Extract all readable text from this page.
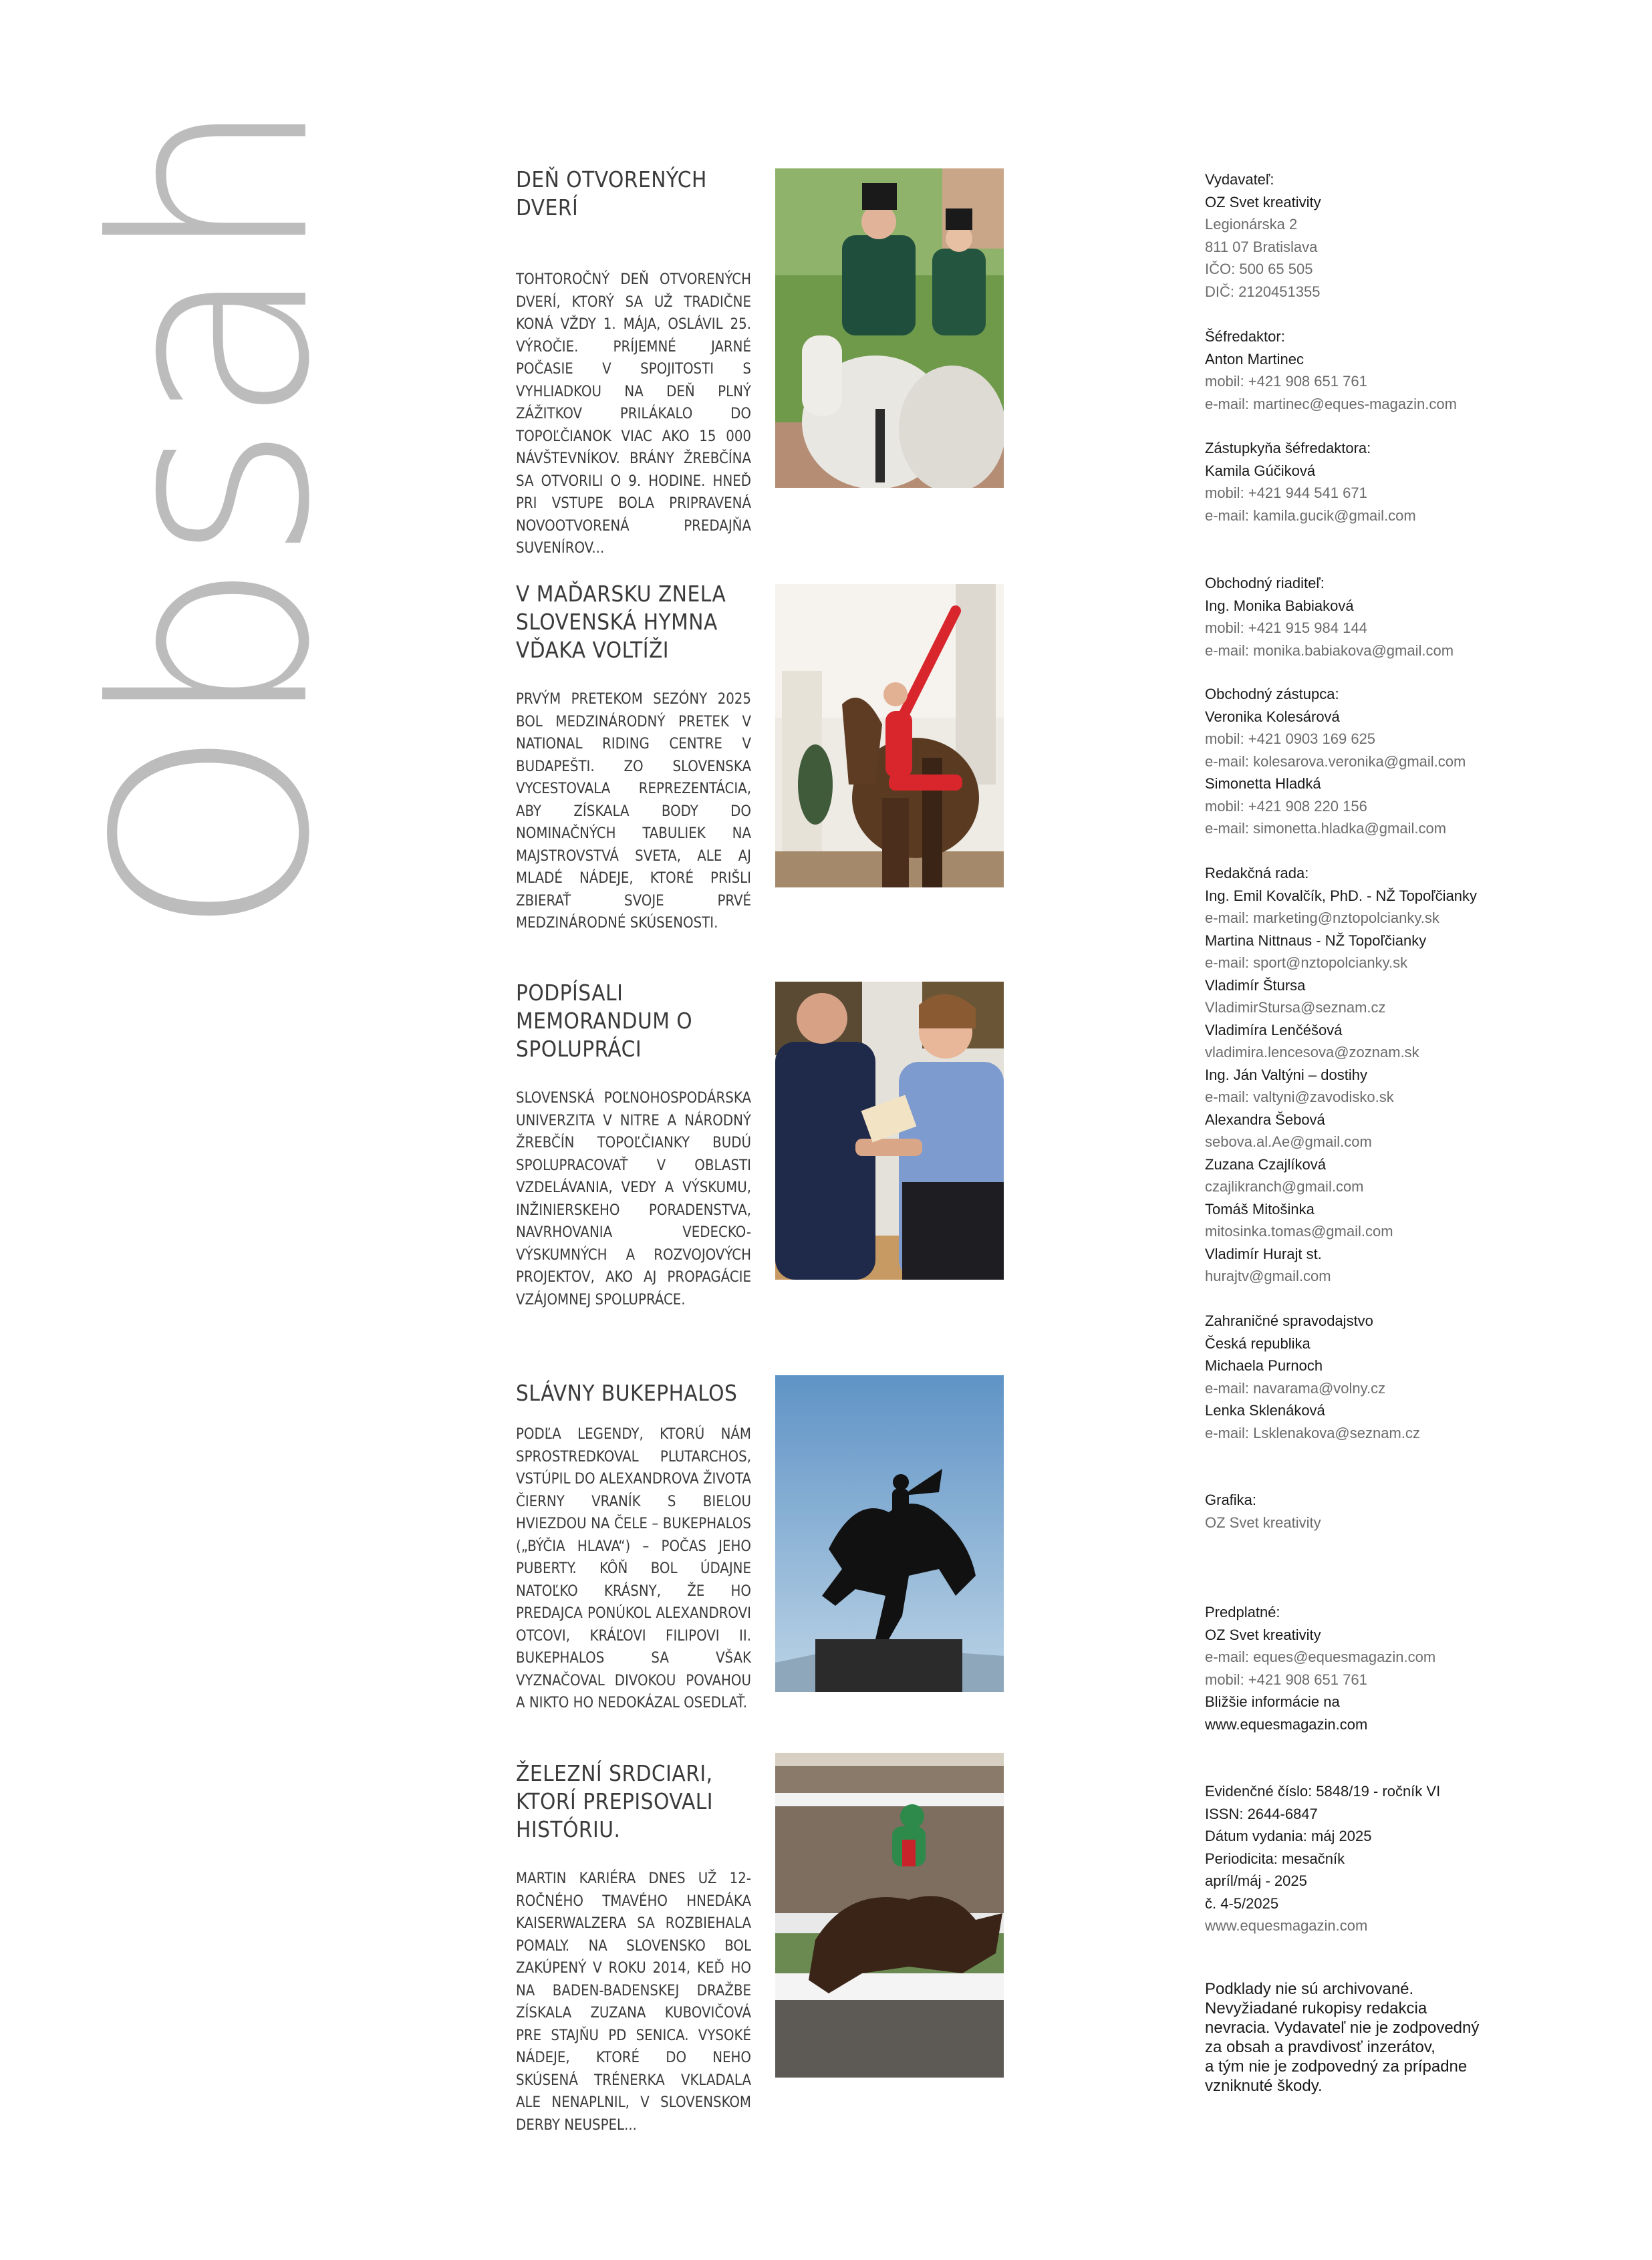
Obsah	DEŇ OTVORENÝCH DVERÍ

TOHTOROČNÝ DEŇ OTVORENÝCH DVERÍ, KTORÝ SA UŽ TRADIČNE KONÁ VŽDY 1. MÁJA, OSLÁVIL 25. VÝROČIE. PRÍJEMNÉ JARNÉ POČASIE V SPOJITOSTI S VYHLIADKOU NA DEŇ PLNÝ ZÁŽITKOV PRILÁKALO DO TOPOĽČIANOK VIAC AKO 15 000 NÁVŠTEVNÍKOV. BRÁNY ŽREBČÍNA SA OTVORILI O 9. HODINE. HNEĎ PRI VSTUPE BOLA PRIPRAVENÁ NOVOOTVORENÁ PREDAJŇA SUVENÍROV...

V MAĎARSKU ZNELA SLOVENSKÁ HYMNA VĎAKA VOLTÍŽI

PRVÝM PRETEKOM SEZÓNY 2025 BOL MEDZINÁRODNÝ PRETEK V NATIONAL RIDING CENTRE V BUDAPEŠTI. ZO SLOVENSKA VYCESTOVALA REPREZENTÁCIA, ABY ZÍSKALA BODY DO NOMINAČNÝCH TABULIEK NA MAJSTROVSTVÁ SVETA, ALE AJ MLADÉ NÁDEJE, KTORÉ PRIŠLI ZBIERAŤ SVOJE PRVÉ MEDZINÁRODNÉ SKÚSENOSTI.

PODPÍSALI MEMORANDUM O SPOLUPRÁCI

SLOVENSKÁ POĽNOHOSPODÁRSKA UNIVERZITA V NITRE A NÁRODNÝ ŽREBČÍN TOPOĽČIANKY BUDÚ SPOLUPRACOVAŤ V OBLASTI VZDELÁVANIA, VEDY A VÝSKUMU, INŽINIERSKEHO PORADENSTVA, NAVRHOVANIA VEDECKO-VÝSKUMNÝCH A ROZVOJOVÝCH PROJEKTOV, AKO AJ PROPAGÁCIE VZÁJOMNEJ SPOLUPRÁCE.

SLÁVNY BUKEPHALOS

PODĽA LEGENDY, KTORÚ NÁM SPROSTREDKOVAL PLUTARCHOS, VSTÚPIL DO ALEXANDROVA ŽIVOTA ČIERNY VRANÍK S BIELOU HVIEZDOU NA ČELE – BUKEPHALOS („BÝČIA HLAVA“) – POČAS JEHO PUBERTY. KÔŇ BOL ÚDAJNE NATOĽKO KRÁSNY, ŽE HO PREDAJCA PONÚKOL ALEXANDROVI OTCOVI, KRÁĽOVI FILIPOVI II. BUKEPHALOS SA VŠAK VYZNAČOVAL DIVOKOU POVAHOU A NIKTO HO NEDOKÁZAL OSEDLAŤ.

ŽELEZNÍ SRDCIARI, KTORÍ PREPISOVALI HISTÓRIU.

MARTIN KARIÉRA DNES UŽ 12-ROČNÉHO TMAVÉHO HNEDÁKA KAISERWALZERA SA ROZBIEHALA POMALY. NA SLOVENSKO BOL ZAKÚPENÝ V ROKU 2014, KEĎ HO NA BADEN-BADENSKEJ DRAŽBE ZÍSKALA ZUZANA KUBOVIČOVÁ PRE STAJŇU PD SENICA. VYSOKÉ NÁDEJE, KTORÉ DO NEHO SKÚSENÁ TRÉNERKA VKLADALA ALE NENAPLNIL, V SLOVENSKOM DERBY NEUSPEL...

Vydavateľ:
OZ Svet kreativity
Legionárska 2
811 07 Bratislava
IČO: 500 65 505
DIČ: 2120451355
Šéfredaktor:
Anton Martinec
mobil: +421 908 651 761
e-mail: martinec@eques-magazin.com
Zástupkyňa šéfredaktora:
Kamila Gúčiková
mobil: +421 944 541 671
e-mail: kamila.gucik@gmail.com
Obchodný riaditeľ:
Ing. Monika Babiaková
mobil: +421 915 984 144
e-mail: monika.babiakova@gmail.com
Obchodný zástupca:
Veronika Kolesárová
mobil: +421 0903 169 625
e-mail: kolesarova.veronika@gmail.com
Simonetta Hladká
mobil: +421 908 220 156
e-mail: simonetta.hladka@gmail.com
Redakčná rada:
Ing. Emil Kovalčík, PhD. - NŽ Topoľčianky
e-mail: marketing@nztopolcianky.sk
Martina Nittnaus - NŽ Topoľčianky
e-mail: sport@nztopolcianky.sk
Vladimír Štursa
VladimirStursa@seznam.cz
Vladimíra Lenčéšová
vladimira.lencesova@zoznam.sk
Ing. Ján Valtýni – dostihy
e-mail: valtyni@zavodisko.sk
Alexandra Šebová
sebova.al.Ae@gmail.com
Zuzana Czajlíková
czajlikranch@gmail.com
Tomáš Mitošinka
mitosinka.tomas@gmail.com
Vladimír Hurajt st.
hurajtv@gmail.com
Zahraničné spravodajstvo
Česká republika
Michaela Purnoch
e-mail: navarama@volny.cz
Lenka Sklenáková
e-mail: Lsklenakova@seznam.cz
Grafika:
OZ Svet kreativity
Predplatné:
OZ Svet kreativity
e-mail: eques@equesmagazin.com
mobil: +421 908 651 761
Bližšie informácie na
www.equesmagazin.com
Evidenčné číslo: 5848/19 - ročník VI
ISSN: 2644-6847
Dátum vydania: máj 2025
Periodicita: mesačník
apríl/máj - 2025
č. 4-5/2025
www.equesmagazin.com
Podklady nie sú archivované.
Nevyžiadané rukopisy redakcia
nevracia. Vydavateľ nie je zodpovedný
za obsah a pravdivosť inzerátov,
a tým nie je zodpovedný za prípadne
vzniknuté škody.
